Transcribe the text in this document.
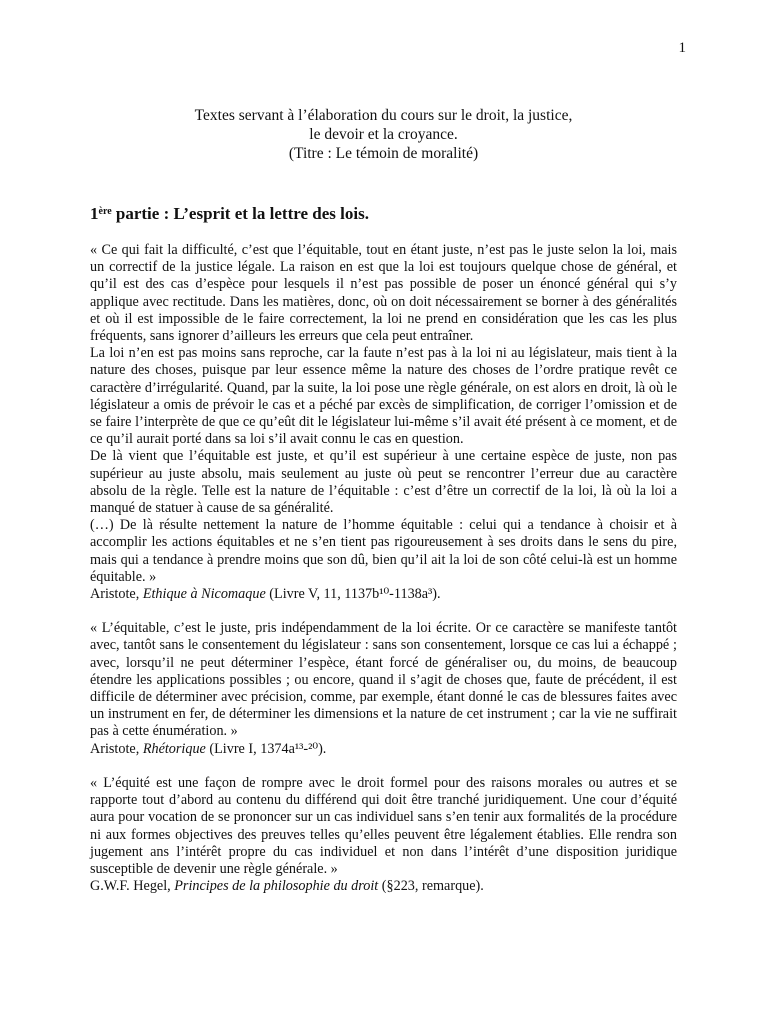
1
Textes servant à l’élaboration du cours sur le droit, la justice,
le devoir et la croyance.
(Titre : Le témoin de moralité)
1ère partie : L’esprit et la lettre des lois.

« Ce qui fait la difficulté, c’est que l’équitable, tout en étant juste, n’est pas le juste selon la loi, mais un correctif de la justice légale. La raison en est que la loi est toujours quelque chose de général, et qu’il est des cas d’espèce pour lesquels il n’est pas possible de poser un énoncé général qui s’y applique avec rectitude. Dans les matières, donc, où on doit nécessairement se borner à des généralités et où il est impossible de le faire correctement, la loi ne prend en considération que les cas les plus fréquents, sans ignorer d’ailleurs les erreurs que cela peut entraîner.

La loi n’en est pas moins sans reproche, car la faute n’est pas à la loi ni au législateur, mais tient à la nature des choses, puisque par leur essence même la nature des choses de l’ordre pratique revêt ce caractère d’irrégularité. Quand, par la suite, la loi pose une règle générale, on est alors en droit, là où le législateur a omis de prévoir le cas et a péché par excès de simplification, de corriger l’omission et de se faire l’interprète de que ce qu’eût dit le législateur lui-même s’il avait été présent à ce moment, et de ce qu’il aurait porté dans sa loi s’il avait connu le cas en question.

De là vient que l’équitable est juste, et qu’il est supérieur à une certaine espèce de juste, non pas supérieur au juste absolu, mais seulement au juste où peut se rencontrer l’erreur due au caractère absolu de la règle. Telle est la nature de l’équitable : c’est d’être un correctif de la loi, là où la loi a manqué de statuer à cause de sa généralité.

(…) De là résulte nettement la nature de l’homme équitable : celui qui a tendance à choisir et à accomplir les actions équitables et ne s’en tient pas rigoureusement à ses droits dans le sens du pire, mais qui a tendance à prendre moins que son dû, bien qu’il ait la loi de son côté celui-là est un homme équitable. »

Aristote, Ethique à Nicomaque (Livre V, 11, 1137b¹⁰-1138a³).

« L’équitable, c’est le juste, pris indépendamment de la loi écrite. Or ce caractère se manifeste tantôt avec, tantôt sans le consentement du législateur : sans son consentement, lorsque ce cas lui a échappé ; avec, lorsqu’il ne peut déterminer l’espèce, étant forcé de généraliser ou, du moins, de beaucoup étendre les applications possibles ; ou encore, quand il s’agit de choses que, faute de précédent, il est difficile de déterminer avec précision, comme, par exemple, étant donné le cas de blessures faites avec un instrument en fer, de déterminer les dimensions et la nature de cet instrument ; car la vie ne suffirait pas à cette énumération. »

Aristote, Rhétorique (Livre I, 1374a¹³-²⁰).

« L’équité est une façon de rompre avec le droit formel pour des raisons morales ou autres et se rapporte tout d’abord au contenu du différend qui doit être tranché juridiquement. Une cour d’équité aura pour vocation de se prononcer sur un cas individuel sans s’en tenir aux formalités de la procédure ni aux formes objectives des preuves telles qu’elles peuvent être légalement établies. Elle rendra son jugement ans l’intérêt propre du cas individuel et non dans l’intérêt d’une disposition juridique susceptible de devenir une règle générale. »

G.W.F. Hegel, Principes de la philosophie du droit (§223, remarque).
